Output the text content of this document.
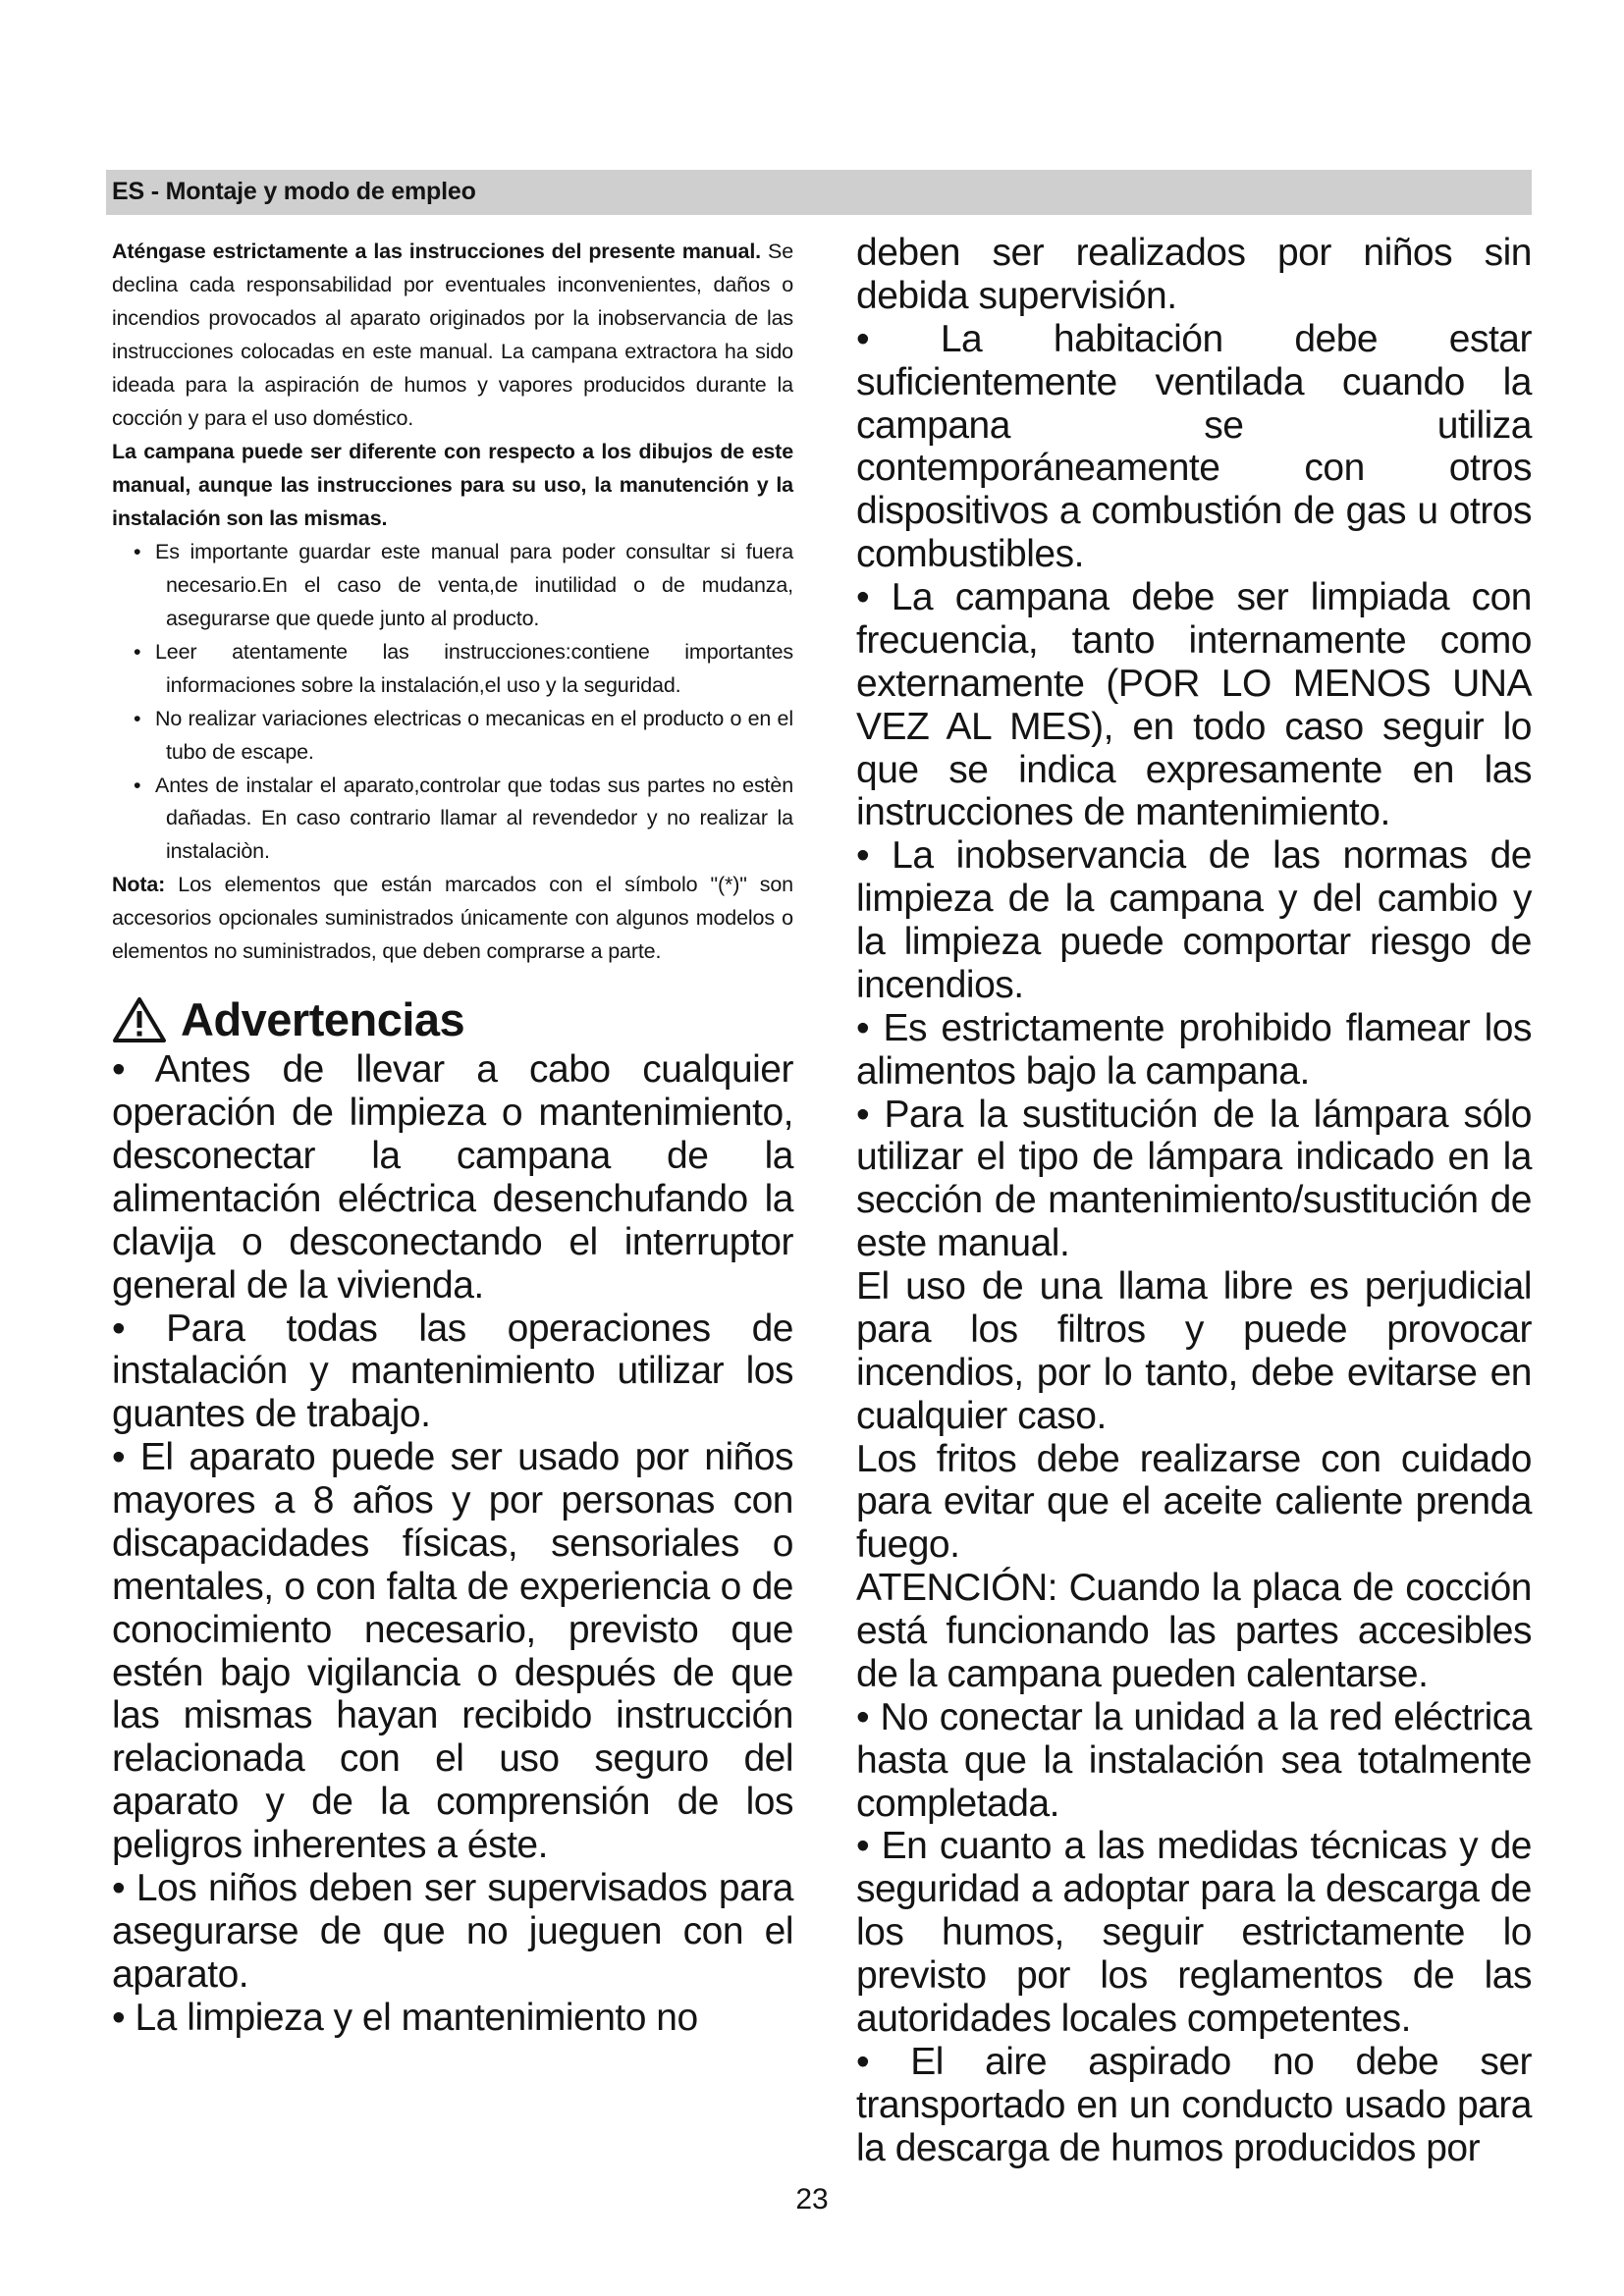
ES - Montaje y modo de empleo

Aténgase estrictamente a las instrucciones del presente manual. Se declina cada responsabilidad por eventuales inconvenientes, daños o incendios provocados al aparato originados por la inobservancia de las instrucciones colocadas en este manual. La campana extractora ha sido ideada para la aspiración de humos y vapores producidos durante la cocción y para el uso doméstico.

La campana puede ser diferente con respecto a los dibujos de este manual, aunque las instrucciones para su uso, la manutención y la instalación son las mismas.

• Es importante guardar este manual para poder consultar si fuera necesario.En el caso de venta,de inutilidad o de mudanza, asegurarse que quede junto al producto.
• Leer atentamente las instrucciones:contiene importantes informaciones sobre la instalación,el uso y la seguridad.
• No realizar variaciones electricas o mecanicas en el producto o en el tubo de escape.
• Antes de instalar el aparato,controlar que todas sus partes no estèn dañadas. En caso contrario llamar al revendedor y no realizar la instalaciòn.

Nota: Los elementos que están marcados con el símbolo "(*)" son accesorios opcionales suministrados únicamente con algunos modelos o elementos no suministrados, que deben comprarse a parte.

Advertencias

• Antes de llevar a cabo cualquier operación de limpieza o mantenimiento, desconectar la campana de la alimentación eléctrica desenchufando la clavija o desconectando el interruptor general de la vivienda.

• Para todas las operaciones de instalación y mantenimiento utilizar los guantes de trabajo.

• El aparato puede ser usado por niños mayores a 8 años y por personas con discapacidades físicas, sensoriales o mentales, o con falta de experiencia o de conocimiento necesario, previsto que estén bajo vigilancia o después de que las mismas hayan recibido instrucción relacionada con el uso seguro del aparato y de la comprensión de los peligros inherentes a éste.

• Los niños deben ser supervisados para asegurarse de que no jueguen con el aparato.

• La limpieza y el mantenimiento no

deben ser realizados por niños sin debida supervisión.

• La habitación debe estar suficientemente ventilada cuando la campana se utiliza contemporáneamente con otros dispositivos a combustión de gas u otros combustibles.

• La campana debe ser limpiada con frecuencia, tanto internamente como externamente (POR LO MENOS UNA VEZ AL MES), en todo caso seguir lo que se indica expresamente en las instrucciones de mantenimiento.

• La inobservancia de las normas de limpieza de la campana y del cambio y la limpieza puede comportar riesgo de incendios.

• Es estrictamente prohibido flamear los alimentos bajo la campana.

• Para la sustitución de la lámpara sólo utilizar el tipo de lámpara indicado en la sección de mantenimiento/sustitución de este manual.

El uso de una llama libre es perjudicial para los filtros y puede provocar incendios, por lo tanto, debe evitarse en cualquier caso.

Los fritos debe realizarse con cuidado para evitar que el aceite caliente prenda fuego.

ATENCIÓN: Cuando la placa de cocción está funcionando las partes accesibles de la campana pueden calentarse.

• No conectar la unidad a la red eléctrica hasta que la instalación sea totalmente completada.

• En cuanto a las medidas técnicas y de seguridad a adoptar para la descarga de los humos, seguir estrictamente lo previsto por los reglamentos de las autoridades locales competentes.

• El aire aspirado no debe ser transportado en un conducto usado para la descarga de humos producidos por

23
